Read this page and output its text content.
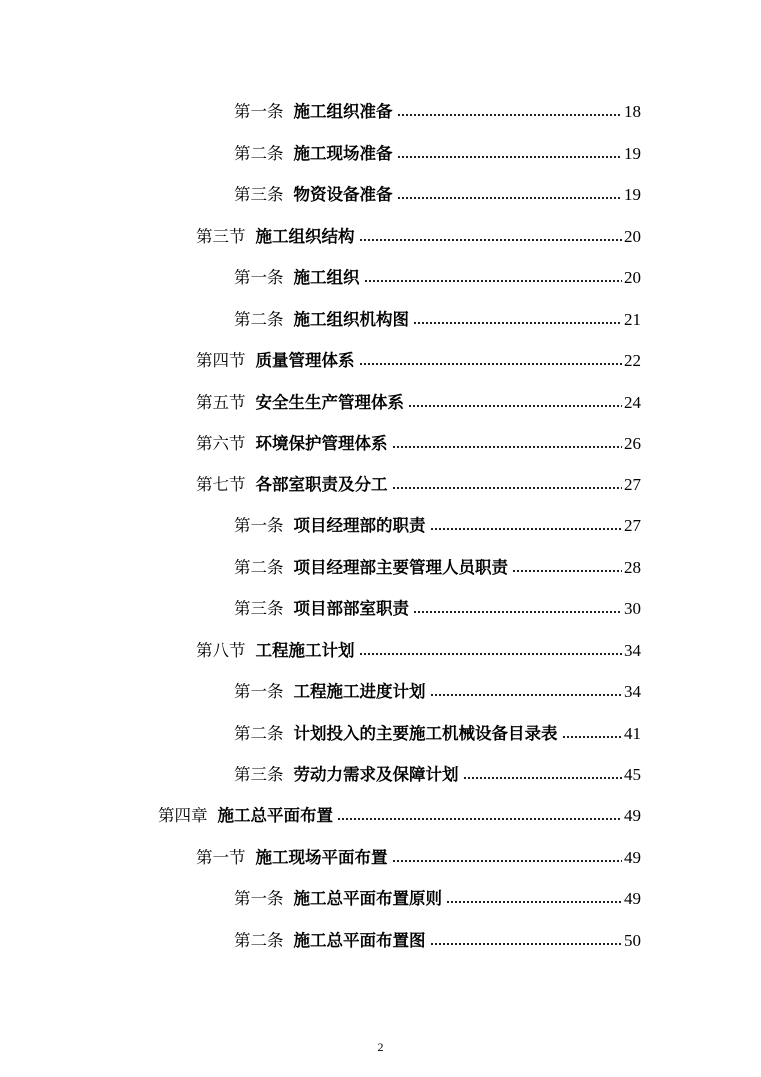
第一条 施工组织准备	18
第二条 施工现场准备	19
第三条 物资设备准备	19
第三节 施工组织结构	20
第一条 施工组织	20
第二条 施工组织机构图	21
第四节 质量管理体系	22
第五节 安全生生产管理体系	24
第六节 环境保护管理体系	26
第七节 各部室职责及分工	27
第一条 项目经理部的职责	27
第二条 项目经理部主要管理人员职责	28
第三条 项目部部室职责	30
第八节 工程施工计划	34
第一条 工程施工进度计划	34
第二条 计划投入的主要施工机械设备目录表	41
第三条 劳动力需求及保障计划	45
第四章 施工总平面布置	49
第一节 施工现场平面布置	49
第一条 施工总平面布置原则	49
第二条 施工总平面布置图	50
2
